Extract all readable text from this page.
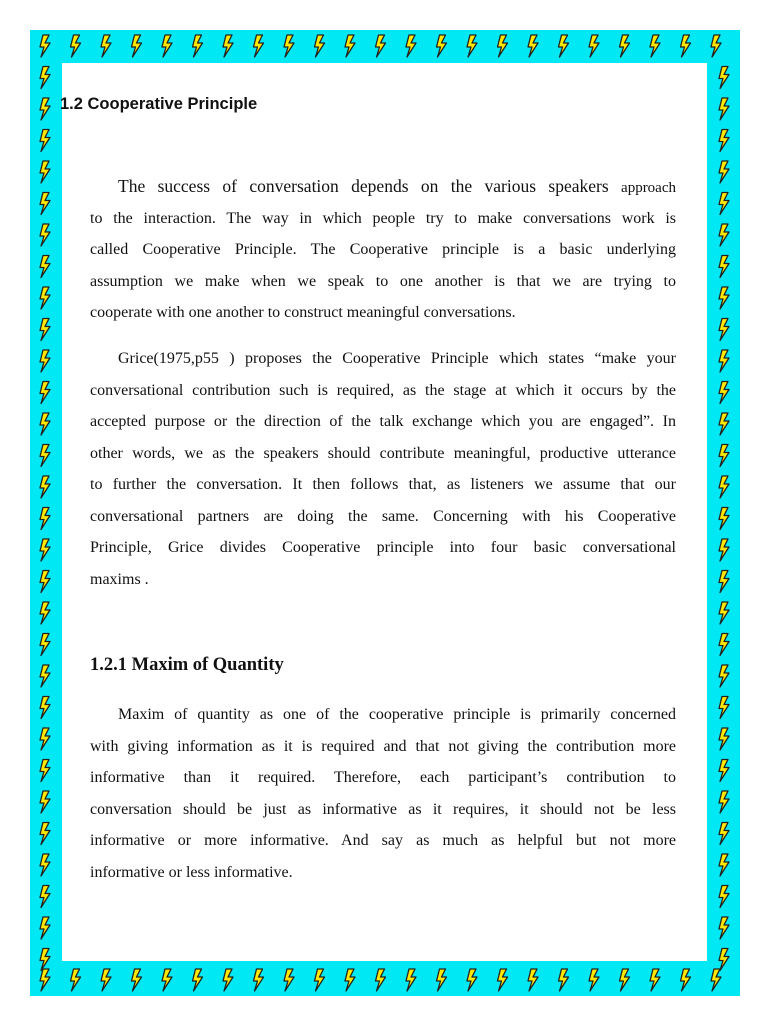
1.2 Cooperative Principle
The success of conversation depends on the various speakers approach
to the interaction. The way in which people try to make conversations work is
called Cooperative Principle. The Cooperative principle is a basic underlying
assumption we make when we speak to one another is that we are trying to
cooperate with one another to construct meaningful conversations.
Grice(1975,p55 ) proposes the Cooperative Principle which states “make your
conversational contribution such is required, as the stage at which it occurs by the
accepted purpose or the direction of the talk exchange which you are engaged”. In
other words, we as the speakers should contribute meaningful, productive utterance
to further the conversation. It then follows that, as listeners we assume that our
conversational partners are doing the same. Concerning with his Cooperative
Principle, Grice divides Cooperative principle into four basic conversational
maxims .
1.2.1 Maxim of Quantity
Maxim of quantity as one of the cooperative principle is primarily concerned
with giving information as it is required and that not giving the contribution more
informative than it required. Therefore, each participant’s contribution to
conversation should be just as informative as it requires, it should not be less
informative or more informative. And say as much as helpful but not more
informative or less informative.
